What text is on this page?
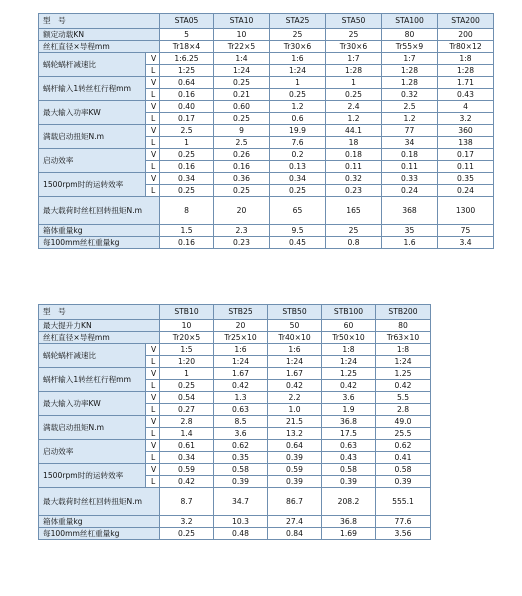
型　号		STA05	STA10	STA25	STA50	STA100	STA200
额定动载KN		5	10	25	25	80	200
丝杠直径×导程mm		Tr18×4	Tr22×5	Tr30×6	Tr30×6	Tr55×9	Tr80×12
蜗轮蜗杆减速比	V	1:6.25	1:4	1:6	1:7	1:7	1:8
	L	1:25	1:24	1:24	1:28	1:28	1:28
蜗杆输入1转丝杠行程mm	V	0.64	0.25	1	1	1.28	1.71
	L	0.16	0.21	0.25	0.25	0.32	0.43
最大输入功率KW	V	0.40	0.60	1.2	2.4	2.5	4
	L	0.17	0.25	0.6	1.2	1.2	3.2
满载启动扭矩N.m	V	2.5	9	19.9	44.1	77	360
	L	1	2.5	7.6	18	34	138
启动效率	V	0.25	0.26	0.2	0.18	0.18	0.17
	L	0.16	0.16	0.13	0.11	0.11	0.11
1500rpm时的运转效率	V	0.34	0.36	0.34	0.32	0.33	0.35
	L	0.25	0.25	0.25	0.23	0.24	0.24
最大载荷时丝杠回转扭矩N.m		8	20	65	165	368	1300
箱体重量kg		1.5	2.3	9.5	25	35	75
每100mm丝杠重量kg		0.16	0.23	0.45	0.8	1.6	3.4
型　号		STB10	STB25	STB50	STB100	STB200
最大提升力KN		10	20	50	60	80
丝杠直径×导程mm		Tr20×5	Tr25×10	Tr40×10	Tr50×10	Tr63×10
蜗轮蜗杆减速比	V	1:5	1:6	1:6	1:8	1:8
	L	1:20	1:24	1:24	1:24	1:24
蜗杆输入1转丝杠行程mm	V	1	1.67	1.67	1.25	1.25
	L	0.25	0.42	0.42	0.42	0.42
最大输入功率KW	V	0.54	1.3	2.2	3.6	5.5
	L	0.27	0.63	1.0	1.9	2.8
满载启动扭矩N.m	V	2.8	8.5	21.5	36.8	49.0
	L	1.4	3.6	13.2	17.5	25.5
启动效率	V	0.61	0.62	0.64	0.63	0.62
	L	0.34	0.35	0.39	0.43	0.41
1500rpm时的运转效率	V	0.59	0.58	0.59	0.58	0.58
	L	0.42	0.39	0.39	0.39	0.39
最大载荷时丝杠回转扭矩N.m		8.7	34.7	86.7	208.2	555.1
箱体重量kg		3.2	10.3	27.4	36.8	77.6
每100mm丝杠重量kg		0.25	0.48	0.84	1.69	3.56
